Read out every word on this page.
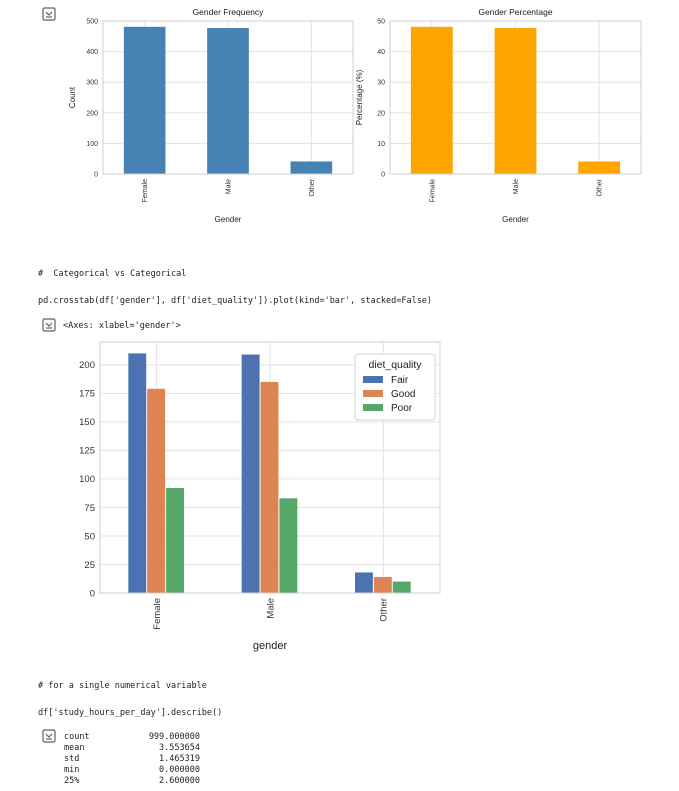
0
100
200
300
400
500
Female	Male	Other
Gender Frequency
Gender
Count
0
10
20
30
40
50
Female	Male	Other
Gender Percentage
Gender
Percentage (%)
#  Categorical vs Categorical
pd.crosstab(df['gender'], df['diet_quality']).plot(kind='bar', stacked=False)
<Axes: xlabel='gender'>
0
25
50
75
100
125
150
175
200
Female	Male	Other
gender
diet_quality
Fair
Good
Poor
# for a single numerical variable
df['study_hours_per_day'].describe()
count	999.000000
mean	3.553654
std	1.465319
min	0.000000
25%	2.600000
